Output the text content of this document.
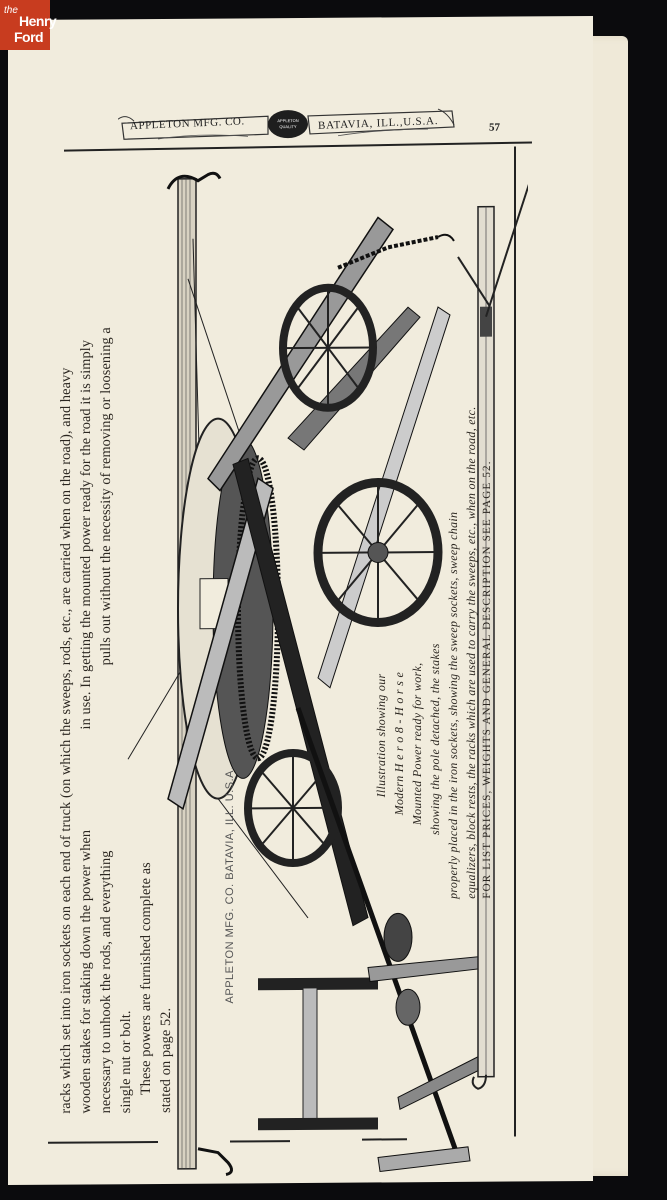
APPLETON
QUALITY
APPLETON MFG. CO.	BATAVIA, ILL.,U.S.A.	57
APPLETON MFG. CO. BATAVIA, ILL. U.S.A.
racks which set into iron sockets on each end of truck (on which the sweeps, rods, etc., are carried when on the road), and heavy wooden stakes for staking down the power when
in use. In getting the mounted power ready for the road it is simply
necessary to unhook the rods, and everything
pulls out without the necessity of removing or loosening a
single nut or bolt. These powers are furnished complete as stated on page 52.
Illustration showing our Modern H e r o 8 - H o r s e Mounted Power ready for work, showing the pole detached, the stakes properly placed in the iron sockets, showing the sweep sockets, sweep chain equalizers, block rests, the racks which are used to carry the sweeps, etc., when on the road, etc. FOR LIST PRICES, WEIGHTS AND GENERAL DESCRIPTION SEE PAGE 52.
the
Henry
Ford
